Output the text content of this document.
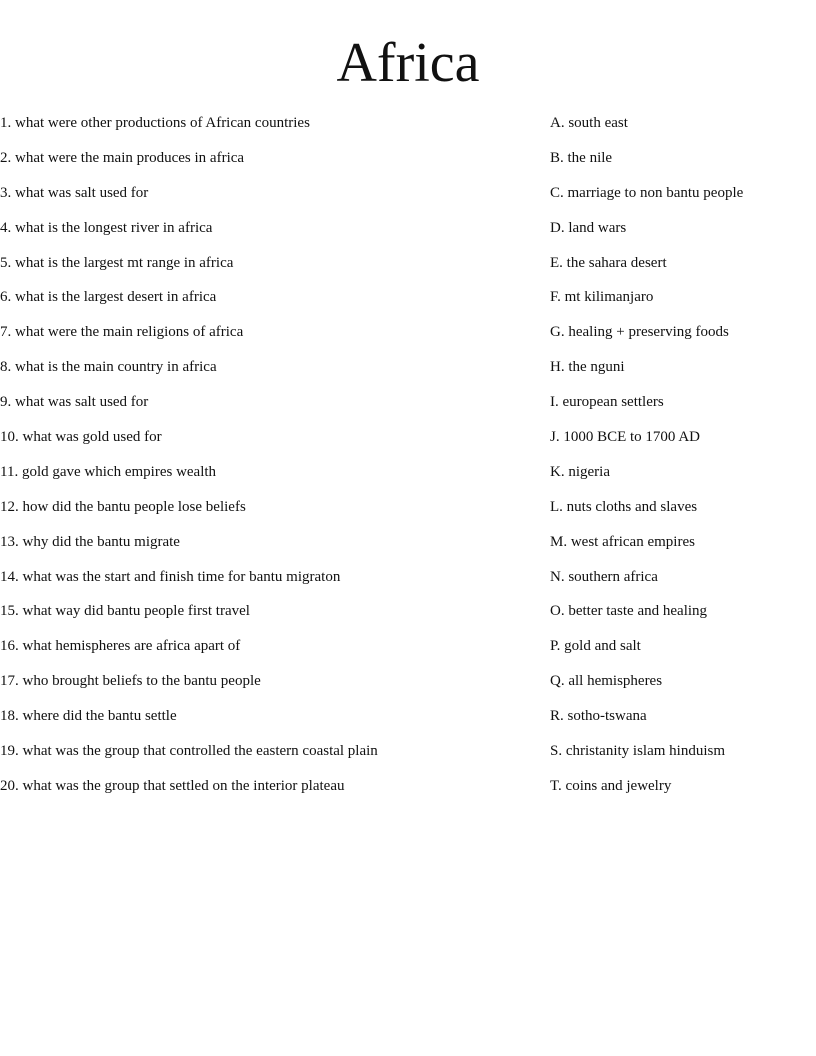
Africa
1. what were other productions of African countries
2. what were the main produces in africa
3. what was salt used for
4. what is the longest river in africa
5. what is the largest mt range in africa
6. what is the largest desert in africa
7. what were the main religions of africa
8. what is the main country in africa
9. what was salt used for
10. what was gold used for
11. gold gave which empires wealth
12. how did the bantu people lose beliefs
13. why did the bantu migrate
14. what was the start and finish time for bantu migraton
15. what way did bantu people first travel
16. what hemispheres are africa apart of
17. who brought beliefs to the bantu people
18. where did the bantu settle
19. what was the group that controlled the eastern coastal plain
20. what was the group that settled on the interior plateau
A. south east
B. the nile
C. marriage to non bantu people
D. land wars
E. the sahara desert
F. mt kilimanjaro
G. healing + preserving foods
H. the nguni
I. european settlers
J. 1000 BCE to 1700 AD
K. nigeria
L. nuts cloths and slaves
M. west african empires
N. southern africa
O. better taste and healing
P. gold and salt
Q. all hemispheres
R. sotho-tswana
S. christanity islam hinduism
T. coins and jewelry
